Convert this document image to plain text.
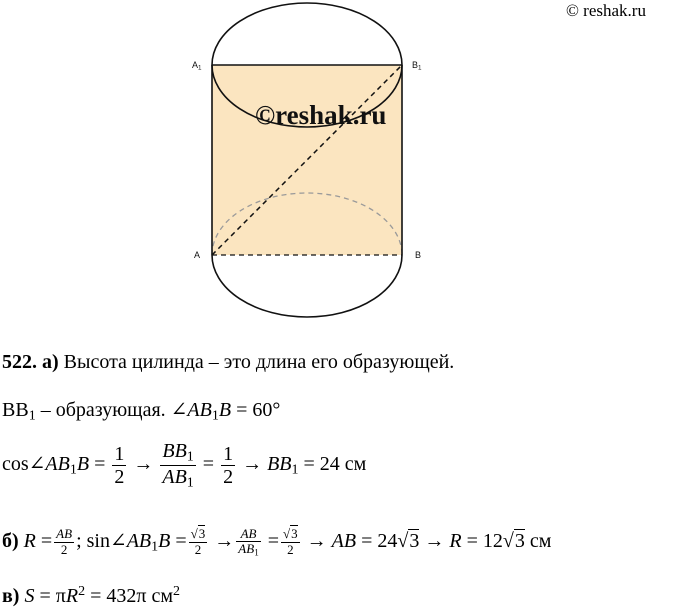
© reshak.ru
©reshak.ru
$A_1$	$B_1$
A	B
522. а) Высота цилинда – это длина его образующей.
$BB_1$ – образующая. $\angle AB_1B = 60^\circ$
$\cos\angle AB_1B = \frac{1}{2} \to \frac{BB_1}{AB_1} = \frac{1}{2} \to BB_1 = 24$ см
б) $R = \frac{AB}{2}$ ; $\sin\angle AB_1B = \frac{√3}{2} \to \frac{AB}{AB_1} = \frac{√3}{2}$ → AB = 24√3 → R = 12√3 см
в) $S = \pi R^2 = 432\pi$ $см^2$
